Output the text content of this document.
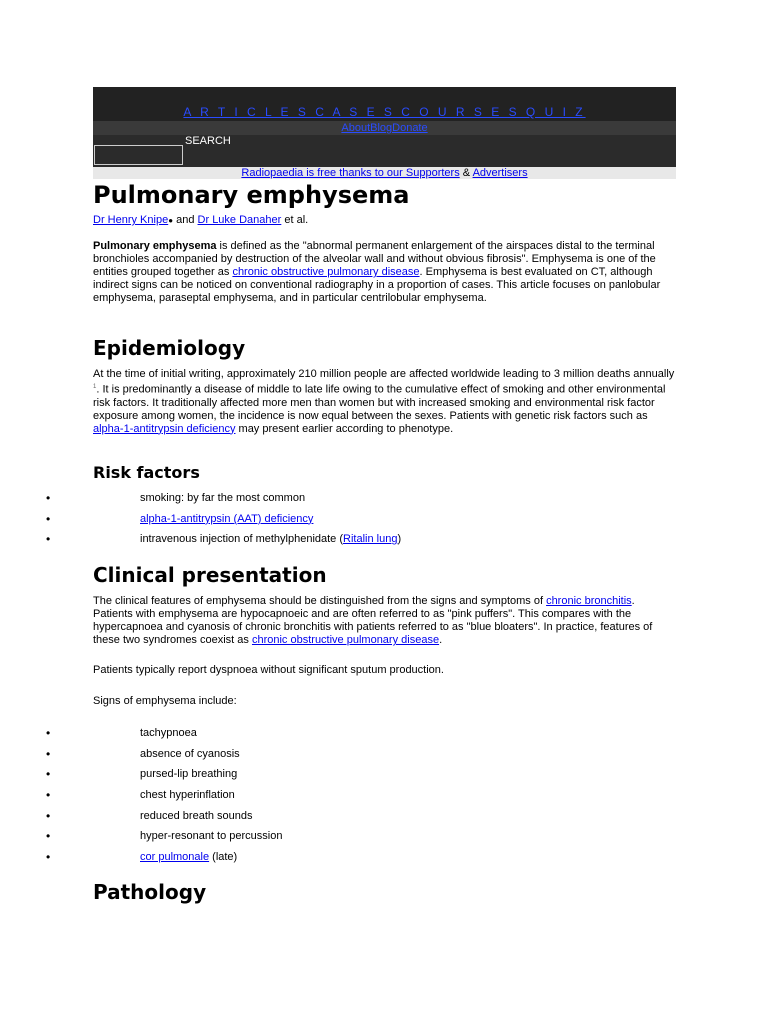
A R T I C L E S C A S E S C O U R S E S Q U I Z
AboutBlogDonate
SEARCH
Radiopaedia is free thanks to our Supporters & Advertisers
Pulmonary emphysema
Dr Henry Knipe● and Dr Luke Danaher et al.
Pulmonary emphysema is defined as the "abnormal permanent enlargement of the airspaces distal to the terminal bronchioles accompanied by destruction of the alveolar wall and without obvious fibrosis". Emphysema is one of the entities grouped together as chronic obstructive pulmonary disease. Emphysema is best evaluated on CT, although indirect signs can be noticed on conventional radiography in a proportion of cases. This article focuses on panlobular emphysema, paraseptal emphysema, and in particular centrilobular emphysema.
Epidemiology
At the time of initial writing, approximately 210 million people are affected worldwide leading to 3 million deaths annually $^1$. It is predominantly a disease of middle to late life owing to the cumulative effect of smoking and other environmental risk factors. It traditionally affected more men than women but with increased smoking and environmental risk factor exposure among women, the incidence is now equal between the sexes. Patients with genetic risk factors such as alpha-1-antitrypsin deficiency may present earlier according to phenotype.
Risk factors
•	smoking: by far the most common
•	alpha-1-antitrypsin (AAT) deficiency
•	intravenous injection of methylphenidate (Ritalin lung)
Clinical presentation
The clinical features of emphysema should be distinguished from the signs and symptoms of chronic bronchitis. Patients with emphysema are hypocapnoeic and are often referred to as "pink puffers". This compares with the hypercapnoea and cyanosis of chronic bronchitis with patients referred to as "blue bloaters". In practice, features of these two syndromes coexist as chronic obstructive pulmonary disease.
Patients typically report dyspnoea without significant sputum production.
Signs of emphysema include:
•	tachypnoea
•	absence of cyanosis
•	pursed-lip breathing
•	chest hyperinflation
•	reduced breath sounds
•	hyper-resonant to percussion
•	cor pulmonale (late)
Pathology
